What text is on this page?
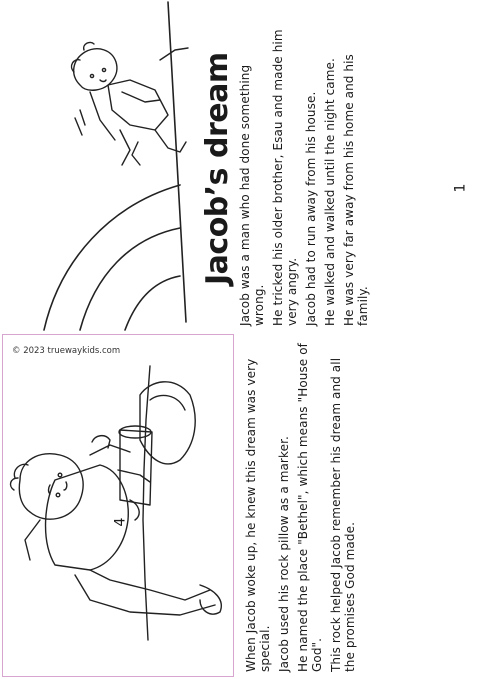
© 2023 truewaykids.com

When Jacob woke up, he knew this dream was very special. Jacob used his rock pillow as a marker. He named the place "Bethel", which means "House of God". This rock helped Jacob remember his dream and all the promises God made.

4
Jacob’s dream Jacob was a man who had done something wrong. He tricked his older brother, Esau and made him very angry. Jacob had to run away from his house. He walked and walked until the night came. He was very far away from his home and his family.

1
